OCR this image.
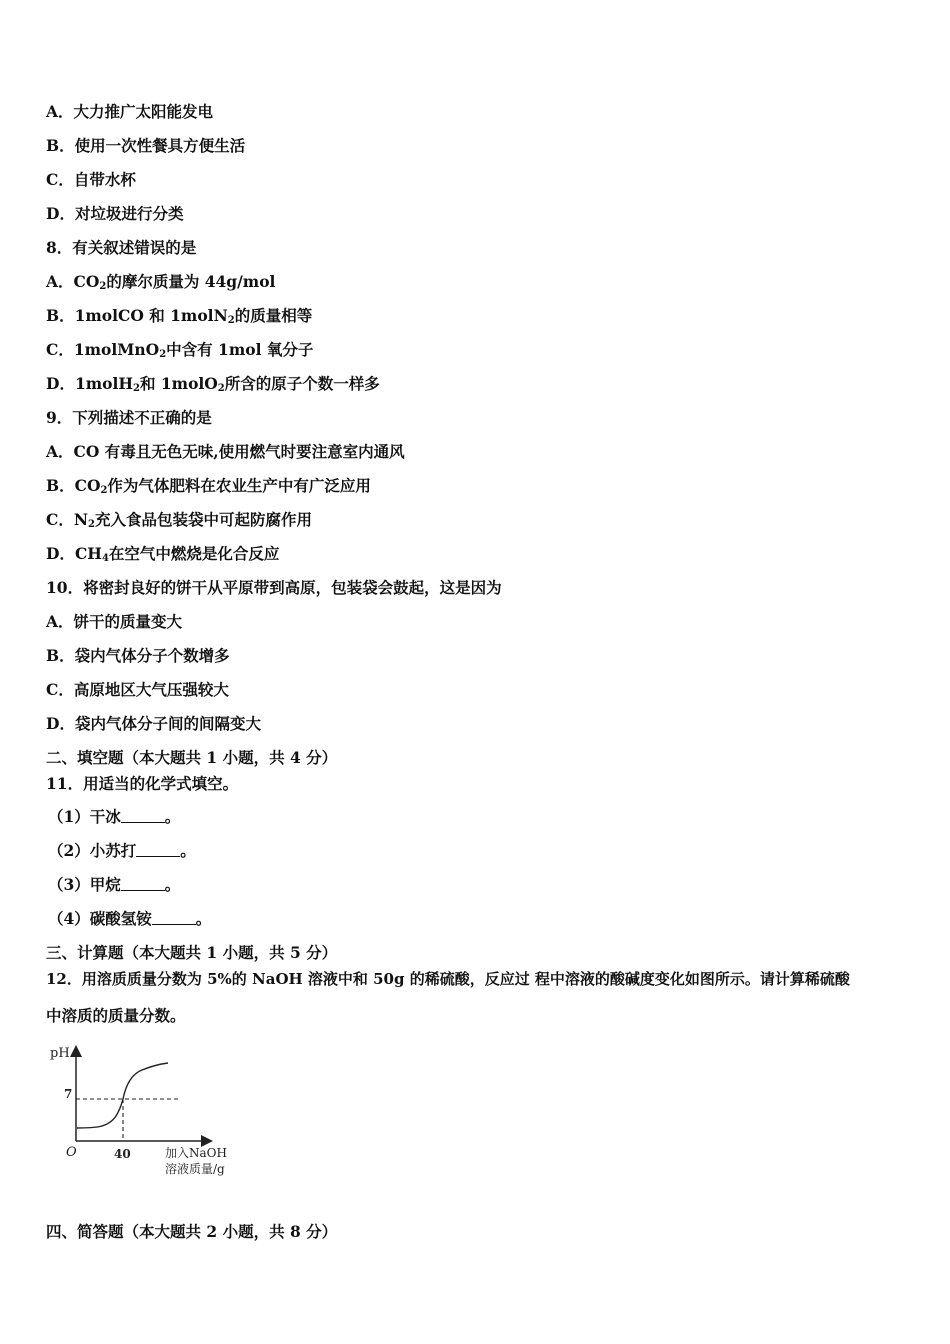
A．大力推广太阳能发电
B．使用一次性餐具方便生活
C．自带水杯
D．对垃圾进行分类
8．有关叙述错误的是
A．$CO_2$的摩尔质量为 44g/mol
B．1molCO 和 1molN$_2$的质量相等
C．1molMnO$_2$中含有 1mol 氧分子
D．1molH$_2$和 1molO$_2$所含的原子个数一样多
9．下列描述不正确的是
A．CO 有毒且无色无味,使用燃气时要注意室内通风
B．$CO_2$作为气体肥料在农业生产中有广泛应用
C．$N_2$充入食品包装袋中可起防腐作用
D．$CH_4$在空气中燃烧是化合反应
10．将密封良好的饼干从平原带到高原，包装袋会鼓起，这是因为
A．饼干的质量变大
B．袋内气体分子个数增多
C．高原地区大气压强较大
D．袋内气体分子间的间隔变大
二、填空题（本大题共 1 小题，共 4 分）
11．用适当的化学式填空。
（1）干冰	。
（2）小苏打	。
（3）甲烷	。
（4）碳酸氢铵	。
三、计算题（本大题共 1 小题，共 5 分）
12．用溶质质量分数为 5%的 NaOH 溶液中和 50g 的稀硫酸，反应过 程中溶液的酸碱度变化如图所示。请计算稀硫酸
中溶质的质量分数。
pH
7
O	40	加入NaOH
溶液质量/g
四、简答题（本大题共 2 小题，共 8 分）
